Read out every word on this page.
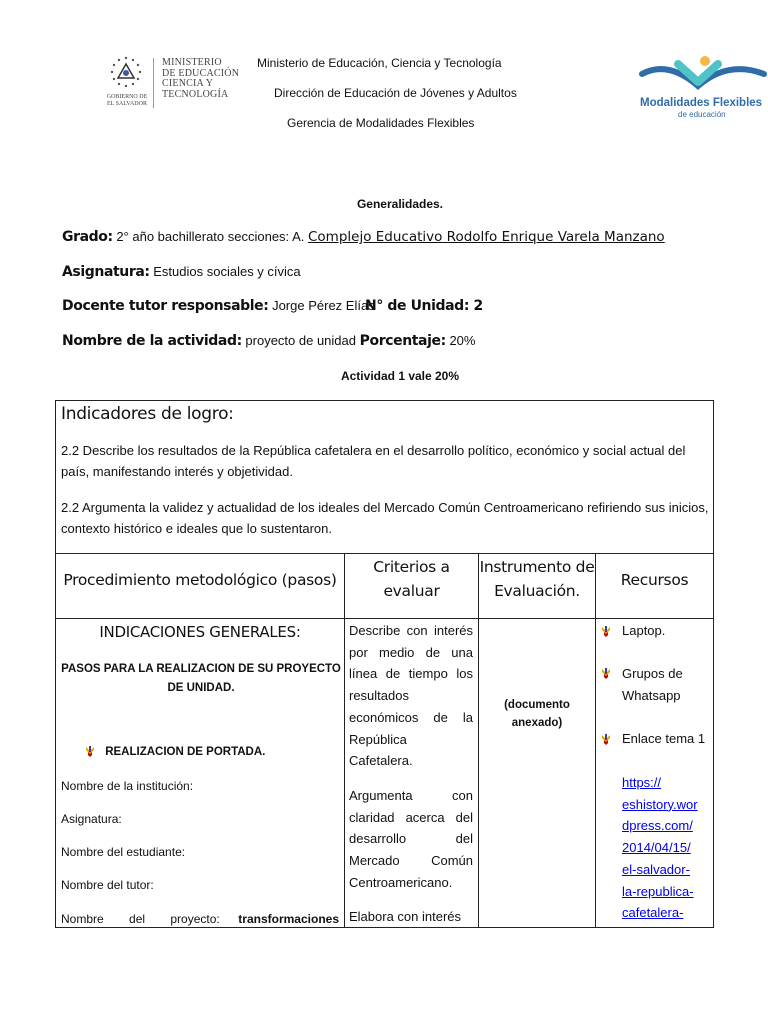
GOBIERNO DE
EL SALVADOR
MINISTERIO
DE EDUCACIÓN
CIENCIA Y
TECNOLOGÍA
Ministerio de Educación, Ciencia y Tecnología
Dirección de Educación de Jóvenes y Adultos
Gerencia de Modalidades Flexibles
Modalidades Flexibles
de educación
Generalidades.
Grado: 2° año bachillerato secciones: A. Complejo Educativo Rodolfo Enrique Varela Manzano
Asignatura: Estudios sociales y cívica
Docente tutor responsable: Jorge Pérez Elías
N° de Unidad: 2
Nombre de la actividad: proyecto de unidad Porcentaje: 20%
Actividad 1 vale 20%
Indicadores de logro:
2.2 Describe los resultados de la República cafetalera en el desarrollo político, económico y social actual del país, manifestando interés y objetividad.
2.2 Argumenta la validez y actualidad de los ideales del Mercado Común Centroamericano refiriendo sus inicios, contexto histórico e ideales que lo sustentaron.
Procedimiento metodológico (pasos)
Criterios a evaluar
Instrumento de Evaluación.
Recursos
INDICACIONES GENERALES:
PASOS PARA LA REALIZACION DE SU PROYECTO DE UNIDAD.
REALIZACION DE PORTADA.
Nombre de la institución:
Asignatura:
Nombre del estudiante:
Nombre del tutor:
Nombre del proyecto: transformaciones
Describe con interés por medio de una línea de tiempo los resultados económicos de la República Cafetalera.
Argumenta con claridad acerca del desarrollo del Mercado Común Centroamericano.
Elabora con interés
(documento anexado)
Laptop.
Grupos de Whatsapp
Enlace tema 1
https://
eshistory.wor
dpress.com/
2014/04/15/
el-salvador-
la-republica-
cafetalera-
